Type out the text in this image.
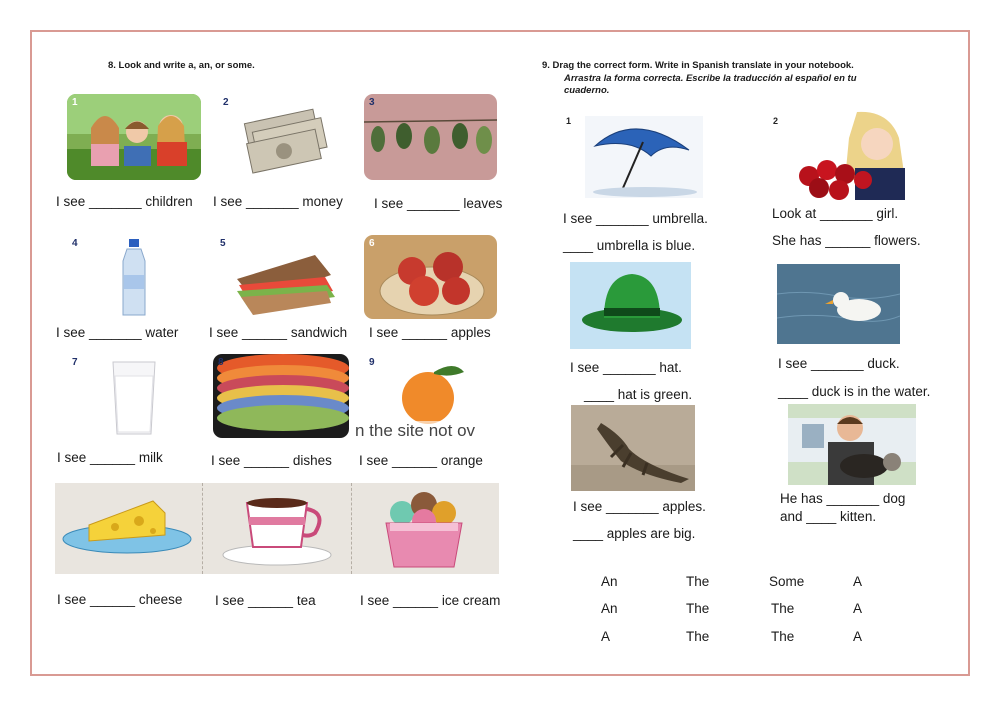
8. Look and write a, an, or some.
1	2	3
I see _______ children I see _______ money I see _______ leaves
4	5	6
I see _______ water I see ______ sandwich I see ______ apples
7	8	9
n the site not ov
I see ______ milk	I see ______ dishes I see ______ orange
I see ______ cheese I see ______ tea	I see ______ ice cream
9. Drag the correct form. Write in Spanish translate in your notebook.
Arrastra la forma correcta. Escribe la traducción al español en tu
cuaderno.
1
I see _______ umbrella.
____ umbrella is blue.
2
Look at _______ girl.
She has ______ flowers.
I see _______ hat.
____ hat is green.
I see _______ duck.
____ duck is in the water.
I see _______ apples.
____ apples are big.
He has _______ dog
and ____ kitten.
An	The	Some	A
An	The	The	A
A	The	The	A
